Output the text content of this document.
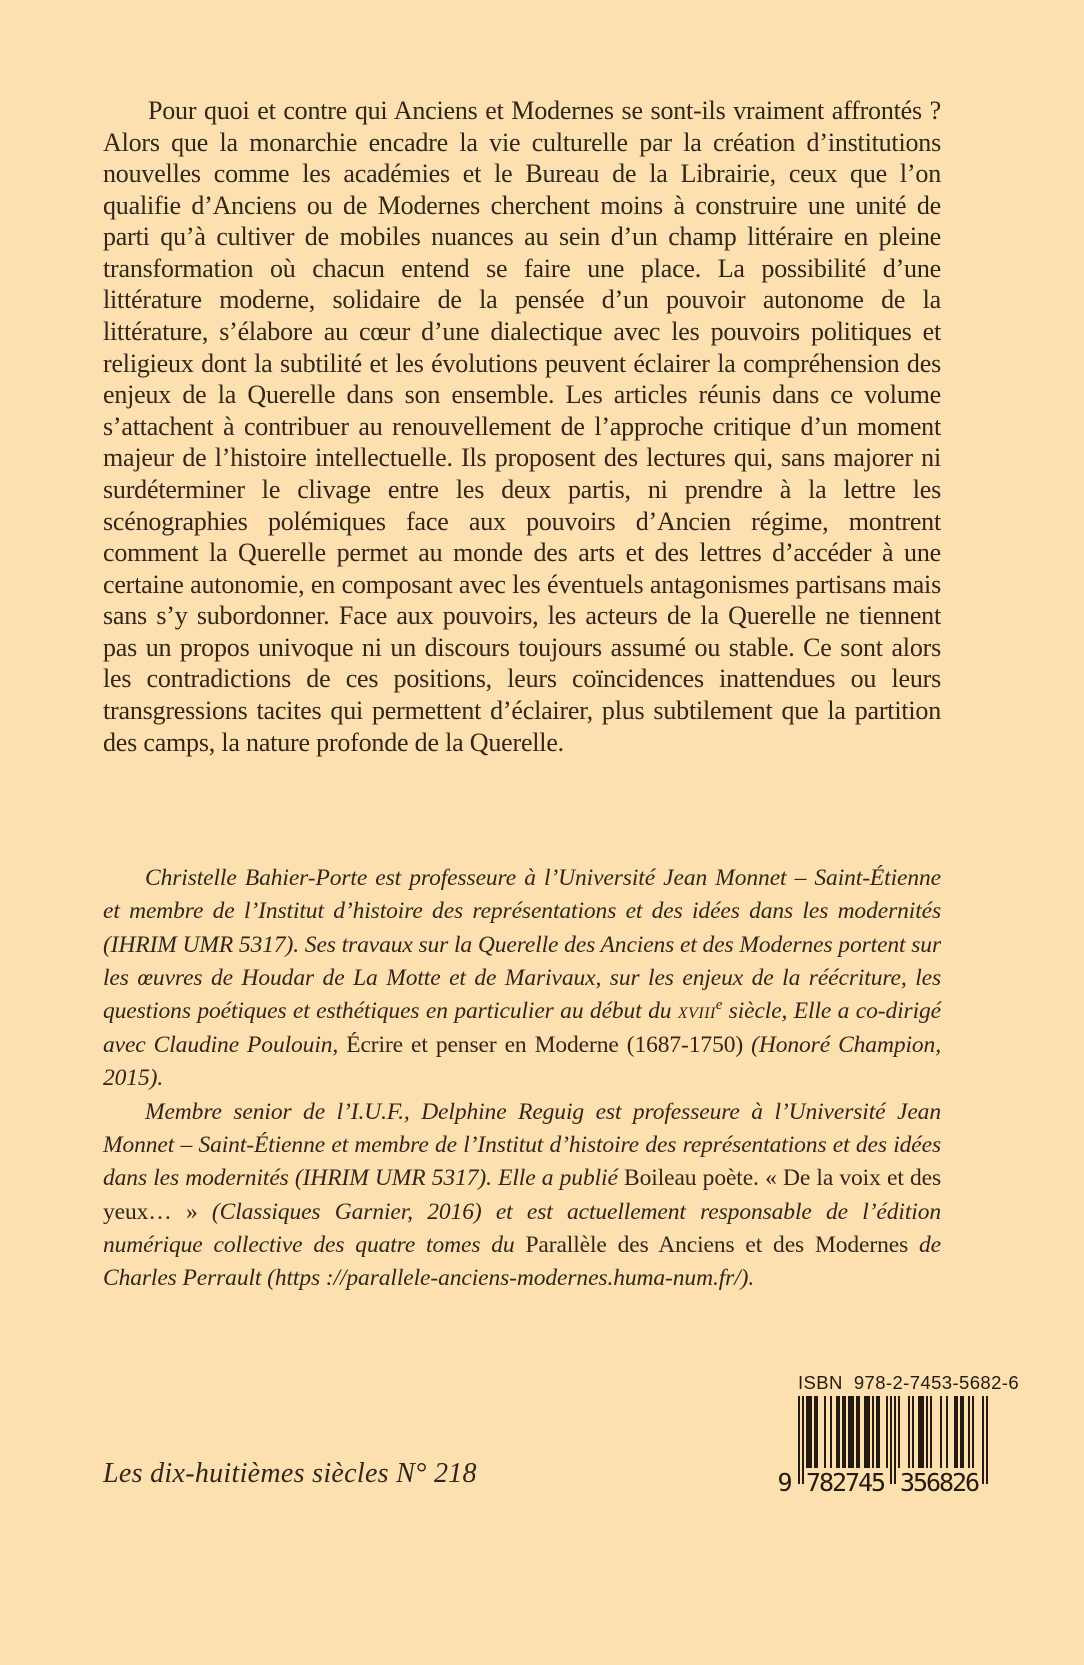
Pour quoi et contre qui Anciens et Modernes se sont-ils vraiment affrontés ? Alors que la monarchie encadre la vie culturelle par la création d’institutions nouvelles comme les académies et le Bureau de la Librairie, ceux que l’on qualifie d’Anciens ou de Modernes cherchent moins à construire une unité de parti qu’à cultiver de mobiles nuances au sein d’un champ littéraire en pleine transformation où chacun entend se faire une place. La possibilité d’une littérature moderne, solidaire de la pensée d’un pouvoir autonome de la littérature, s’élabore au cœur d’une dialectique avec les pouvoirs politiques et religieux dont la subtilité et les évolutions peuvent éclairer la compréhension des enjeux de la Querelle dans son ensemble. Les articles réunis dans ce volume s’attachent à contribuer au renouvellement de l’approche critique d’un moment majeur de l’histoire intellectuelle. Ils proposent des lectures qui, sans majorer ni surdéterminer le clivage entre les deux partis, ni prendre à la lettre les scénographies polémiques face aux pouvoirs d’Ancien régime, montrent comment la Querelle permet au monde des arts et des lettres d’accéder à une certaine autonomie, en composant avec les éventuels antagonismes partisans mais sans s’y subordonner. Face aux pouvoirs, les acteurs de la Querelle ne tiennent pas un propos univoque ni un discours toujours assumé ou stable. Ce sont alors les contradictions de ces positions, leurs coïncidences inattendues ou leurs transgressions tacites qui permettent d’éclairer, plus subtilement que la partition des camps, la nature profonde de la Querelle.

Christelle Bahier-Porte est professeure à l’Université Jean Monnet – Saint-Étienne et membre de l’Institut d’histoire des représentations et des idées dans les modernités (IHRIM UMR 5317). Ses travaux sur la Querelle des Anciens et des Modernes portent sur les œuvres de Houdar de La Motte et de Marivaux, sur les enjeux de la réécriture, les questions poétiques et esthétiques en particulier au début du xviii$^e$ siècle, Elle a co-dirigé avec Claudine Poulouin, Écrire et penser en Moderne (1687-1750) (Honoré Champion, 2015).

Membre senior de l’I.U.F., Delphine Reguig est professeure à l’Université Jean Monnet – Saint-Étienne et membre de l’Institut d’histoire des représentations et des idées dans les modernités (IHRIM UMR 5317). Elle a publié Boileau poète. « De la voix et des yeux… » (Classiques Garnier, 2016) et est actuellement responsable de l’édition numérique collective des quatre tomes du Parallèle des Anciens et des Modernes de Charles Perrault (https ://parallele-anciens-modernes.huma-num.fr/).

Les dix-huitièmes siècles N° 218
ISBN  978-2-7453-5682-6
9 782745 356826
